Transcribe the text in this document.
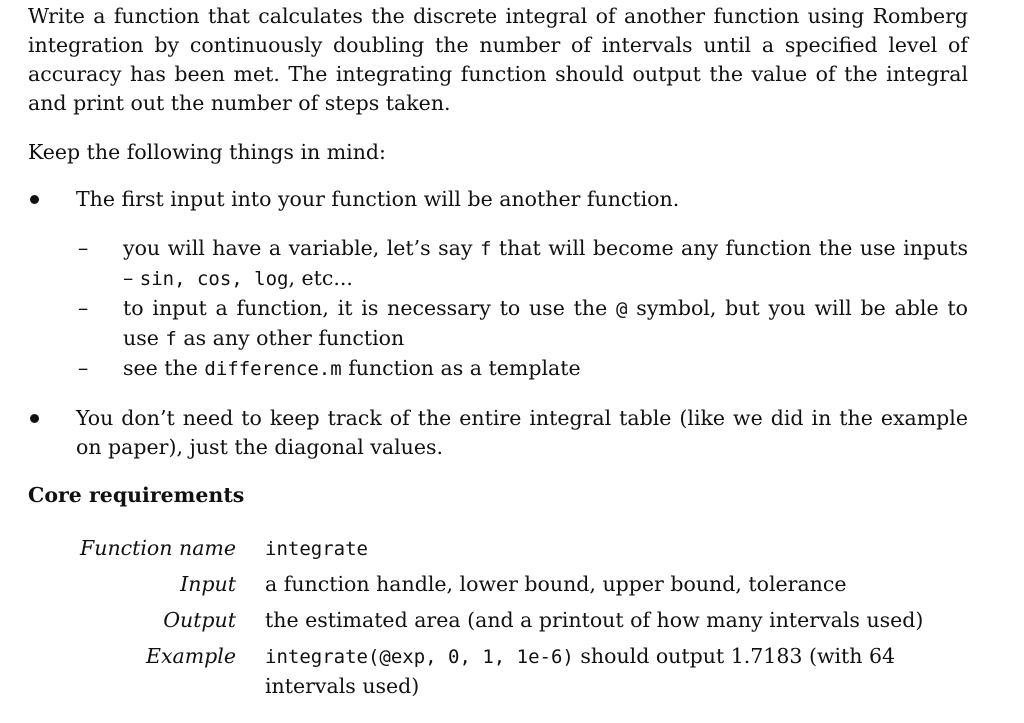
Write a function that calculates the discrete integral of another function using Romberg integration by continuously doubling the number of intervals until a specified level of accuracy has been met. The integrating function should output the value of the integral and print out the number of steps taken.

Keep the following things in mind:

The first input into your function will be another function.
– you will have a variable, let’s say f that will become any function the use inputs – sin, cos, log, etc...
– to input a function, it is necessary to use the @ symbol, but you will be able to use f as any other function
– see the difference.m function as a template
You don’t need to keep track of the entire integral table (like we did in the example on paper), just the diagonal values.
Core requirements
Function name	integrate
Input	a function handle, lower bound, upper bound, tolerance
Output	the estimated area (and a printout of how many intervals used)
Example	integrate(@exp, 0, 1, 1e-6) should output 1.7183 (with 64 intervals used)
